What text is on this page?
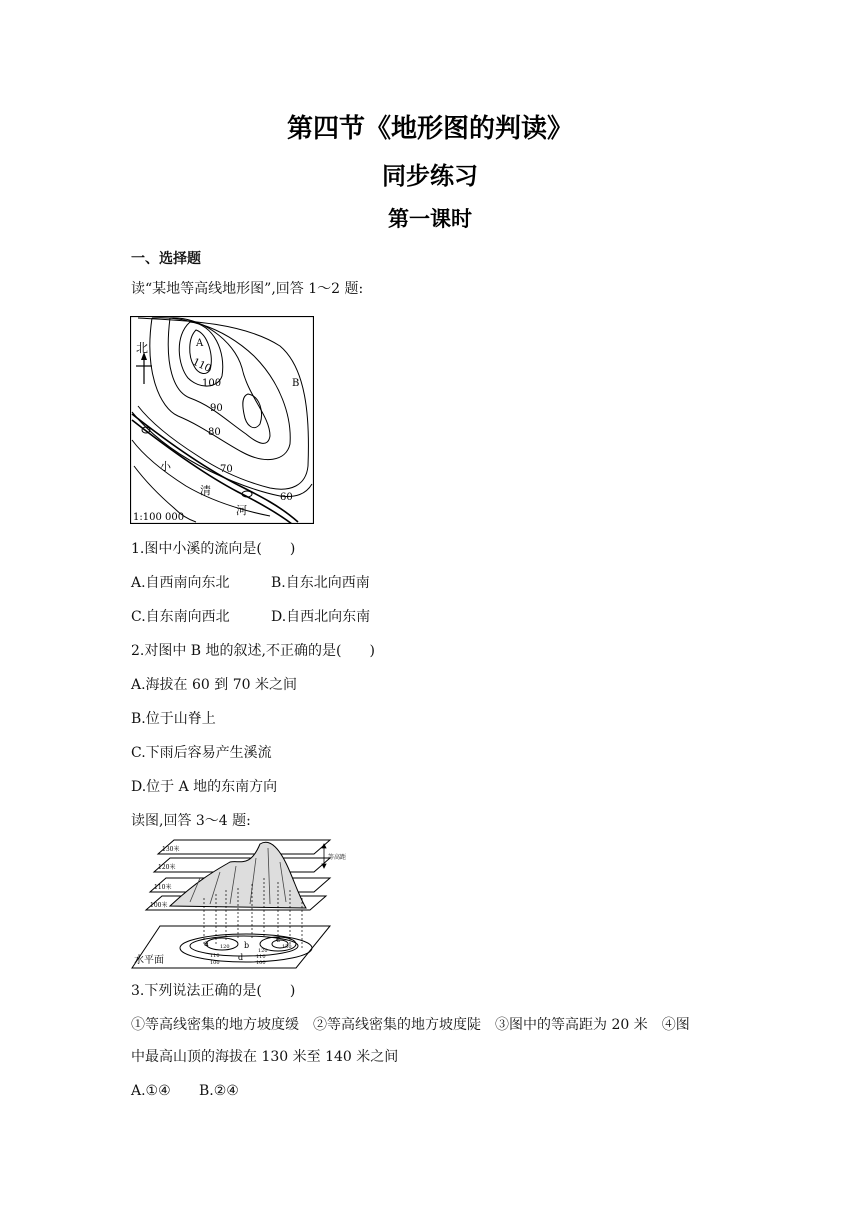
第四节《地形图的判读》
同步练习
第一课时
一、选择题
读“某地等高线地形图”,回答 1～2 题:
北	A
B
110
100
90
80
70
60
小
清
河
1:100 000
1.图中小溪的流向是(　　)
A.自西南向东北	B.自东北向西南
C.自东南向西北	D.自西北向东南
2.对图中 B 地的叙述,不正确的是(　　)
A.海拔在 60 到 70 米之间
B.位于山脊上
C.下雨后容易产生溪流
D.位于 A 地的东南方向
读图,回答 3～4 题:
等高距
130米
120米
110米
100米
水平面
a	b
c
d
120
110
100
120
110
100
130
3.下列说法正确的是(　　)
①等高线密集的地方坡度缓　②等高线密集的地方坡度陡　③图中的等高距为 20 米　④图
中最高山顶的海拔在 130 米至 140 米之间
A.①④ B.②④
